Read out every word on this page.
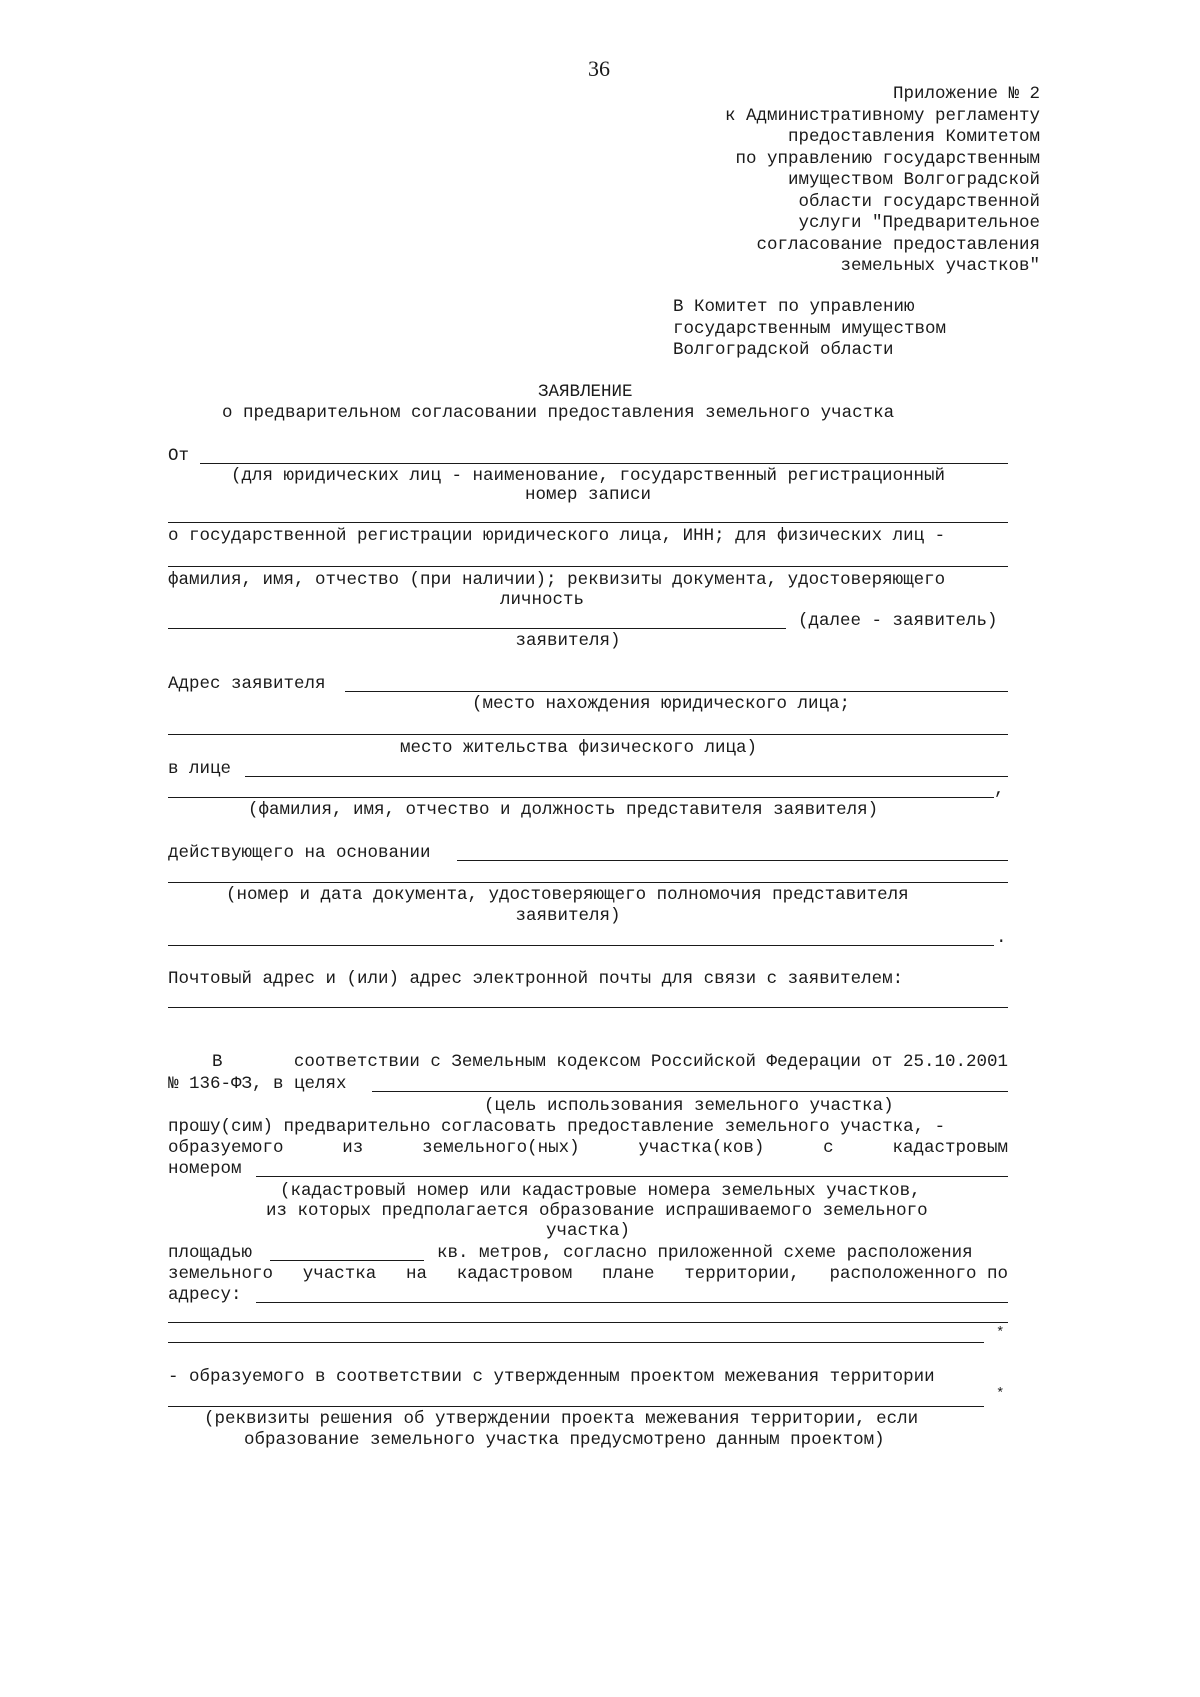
36
Приложение № 2
к Административному регламенту
предоставления Комитетом
по управлению государственным
имуществом Волгоградской
области государственной
услуги "Предварительное
согласование предоставления
земельных участков"
В Комитет по управлению
государственным имуществом
Волгоградской области
ЗАЯВЛЕНИЕ
о предварительном согласовании предоставления земельного участка
От
(для юридических лиц - наименование, государственный регистрационный
номер записи
о государственной регистрации юридического лица, ИНН; для физических лиц -
фамилия, имя, отчество (при наличии); реквизиты документа, удостоверяющего
личность
(далее - заявитель)
заявителя)
Адрес заявителя
(место нахождения юридического лица;
место жительства физического лица)
в лице
,
(фамилия, имя, отчество и должность представителя заявителя)
действующего на основании
(номер и дата документа, удостоверяющего полномочия представителя
заявителя)
.
Почтовый адрес и (или) адрес электронной почты для связи с заявителем:
В	соответствии с Земельным кодексом Российской Федерации от 25.10.2001
№ 136-ФЗ, в целях
(цель использования земельного участка)
прошу(сим) предварительно согласовать предоставление земельного участка, -
образуемого	из	земельного(ных)	участка(ков)	с	кадастровым
номером
(кадастровый номер или кадастровые номера земельных участков,
из которых предполагается образование испрашиваемого земельного
участка)
площадью	кв. метров, согласно приложенной схеме расположения
земельного участка на кадастровом плане территории, расположенного по
адресу:
*
- образуемого в соответствии с утвержденным проектом межевания территории
*
(реквизиты решения об утверждении проекта межевания территории, если
образование земельного участка предусмотрено данным проектом)
